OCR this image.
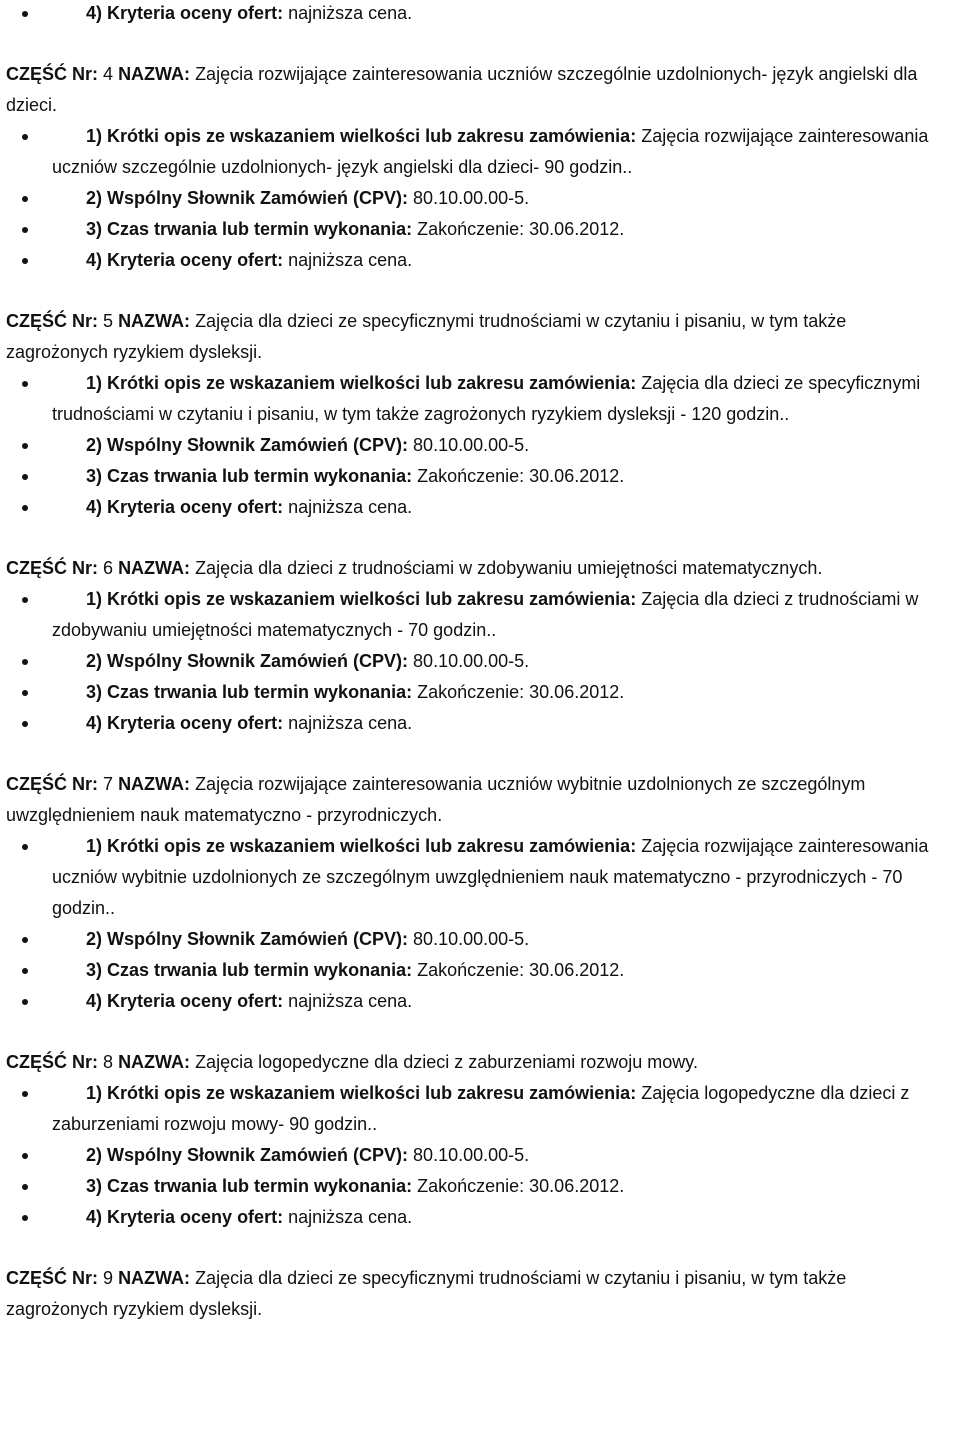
4) Kryteria oceny ofert: najniższa cena.

CZĘŚĆ Nr: 4 NAZWA: Zajęcia rozwijające zainteresowania uczniów szczególnie uzdolnionych- język angielski dla dzieci.

1) Krótki opis ze wskazaniem wielkości lub zakresu zamówienia: Zajęcia rozwijające zainteresowania uczniów szczególnie uzdolnionych- język angielski dla dzieci- 90 godzin..
2) Wspólny Słownik Zamówień (CPV): 80.10.00.00-5.
3) Czas trwania lub termin wykonania: Zakończenie: 30.06.2012.
4) Kryteria oceny ofert: najniższa cena.

CZĘŚĆ Nr: 5 NAZWA: Zajęcia dla dzieci ze specyficznymi trudnościami w czytaniu i pisaniu, w tym także zagrożonych ryzykiem dysleksji.

1) Krótki opis ze wskazaniem wielkości lub zakresu zamówienia: Zajęcia dla dzieci ze specyficznymi trudnościami w czytaniu i pisaniu, w tym także zagrożonych ryzykiem dysleksji - 120 godzin..
2) Wspólny Słownik Zamówień (CPV): 80.10.00.00-5.
3) Czas trwania lub termin wykonania: Zakończenie: 30.06.2012.
4) Kryteria oceny ofert: najniższa cena.

CZĘŚĆ Nr: 6 NAZWA: Zajęcia dla dzieci z trudnościami w zdobywaniu umiejętności matematycznych.

1) Krótki opis ze wskazaniem wielkości lub zakresu zamówienia: Zajęcia dla dzieci z trudnościami w zdobywaniu umiejętności matematycznych - 70 godzin..
2) Wspólny Słownik Zamówień (CPV): 80.10.00.00-5.
3) Czas trwania lub termin wykonania: Zakończenie: 30.06.2012.
4) Kryteria oceny ofert: najniższa cena.

CZĘŚĆ Nr: 7 NAZWA: Zajęcia rozwijające zainteresowania uczniów wybitnie uzdolnionych ze szczególnym uwzględnieniem nauk matematyczno - przyrodniczych.

1) Krótki opis ze wskazaniem wielkości lub zakresu zamówienia: Zajęcia rozwijające zainteresowania uczniów wybitnie uzdolnionych ze szczególnym uwzględnieniem nauk matematyczno - przyrodniczych - 70 godzin..
2) Wspólny Słownik Zamówień (CPV): 80.10.00.00-5.
3) Czas trwania lub termin wykonania: Zakończenie: 30.06.2012.
4) Kryteria oceny ofert: najniższa cena.

CZĘŚĆ Nr: 8 NAZWA: Zajęcia logopedyczne dla dzieci z zaburzeniami rozwoju mowy.

1) Krótki opis ze wskazaniem wielkości lub zakresu zamówienia: Zajęcia logopedyczne dla dzieci z zaburzeniami rozwoju mowy- 90 godzin..
2) Wspólny Słownik Zamówień (CPV): 80.10.00.00-5.
3) Czas trwania lub termin wykonania: Zakończenie: 30.06.2012.
4) Kryteria oceny ofert: najniższa cena.

CZĘŚĆ Nr: 9 NAZWA: Zajęcia dla dzieci ze specyficznymi trudnościami w czytaniu i pisaniu, w tym także zagrożonych ryzykiem dysleksji.
